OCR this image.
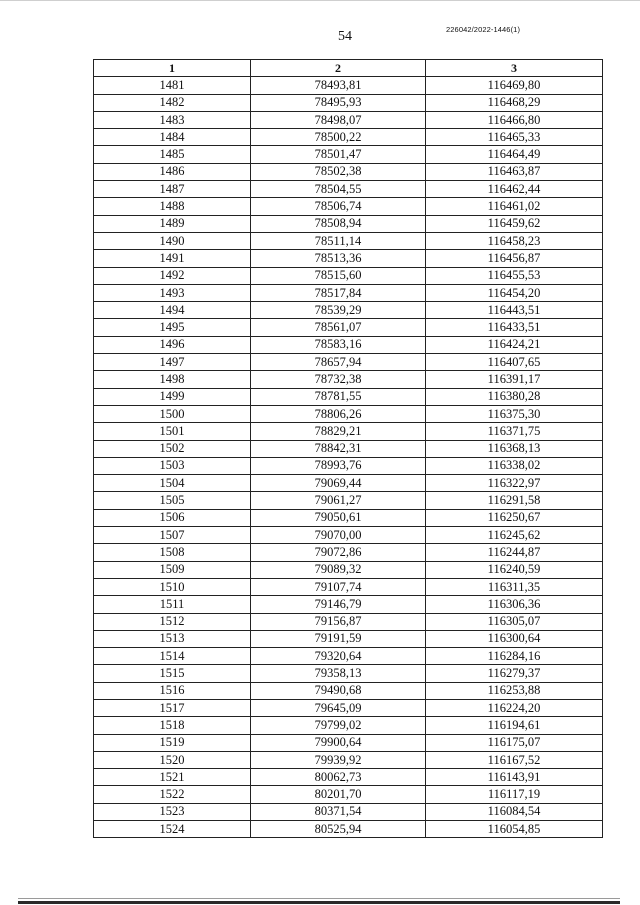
54	226042/2022-1446(1)
1	2	3
1481	78493,81	116469,80
1482	78495,93	116468,29
1483	78498,07	116466,80
1484	78500,22	116465,33
1485	78501,47	116464,49
1486	78502,38	116463,87
1487	78504,55	116462,44
1488	78506,74	116461,02
1489	78508,94	116459,62
1490	78511,14	116458,23
1491	78513,36	116456,87
1492	78515,60	116455,53
1493	78517,84	116454,20
1494	78539,29	116443,51
1495	78561,07	116433,51
1496	78583,16	116424,21
1497	78657,94	116407,65
1498	78732,38	116391,17
1499	78781,55	116380,28
1500	78806,26	116375,30
1501	78829,21	116371,75
1502	78842,31	116368,13
1503	78993,76	116338,02
1504	79069,44	116322,97
1505	79061,27	116291,58
1506	79050,61	116250,67
1507	79070,00	116245,62
1508	79072,86	116244,87
1509	79089,32	116240,59
1510	79107,74	116311,35
1511	79146,79	116306,36
1512	79156,87	116305,07
1513	79191,59	116300,64
1514	79320,64	116284,16
1515	79358,13	116279,37
1516	79490,68	116253,88
1517	79645,09	116224,20
1518	79799,02	116194,61
1519	79900,64	116175,07
1520	79939,92	116167,52
1521	80062,73	116143,91
1522	80201,70	116117,19
1523	80371,54	116084,54
1524	80525,94	116054,85
